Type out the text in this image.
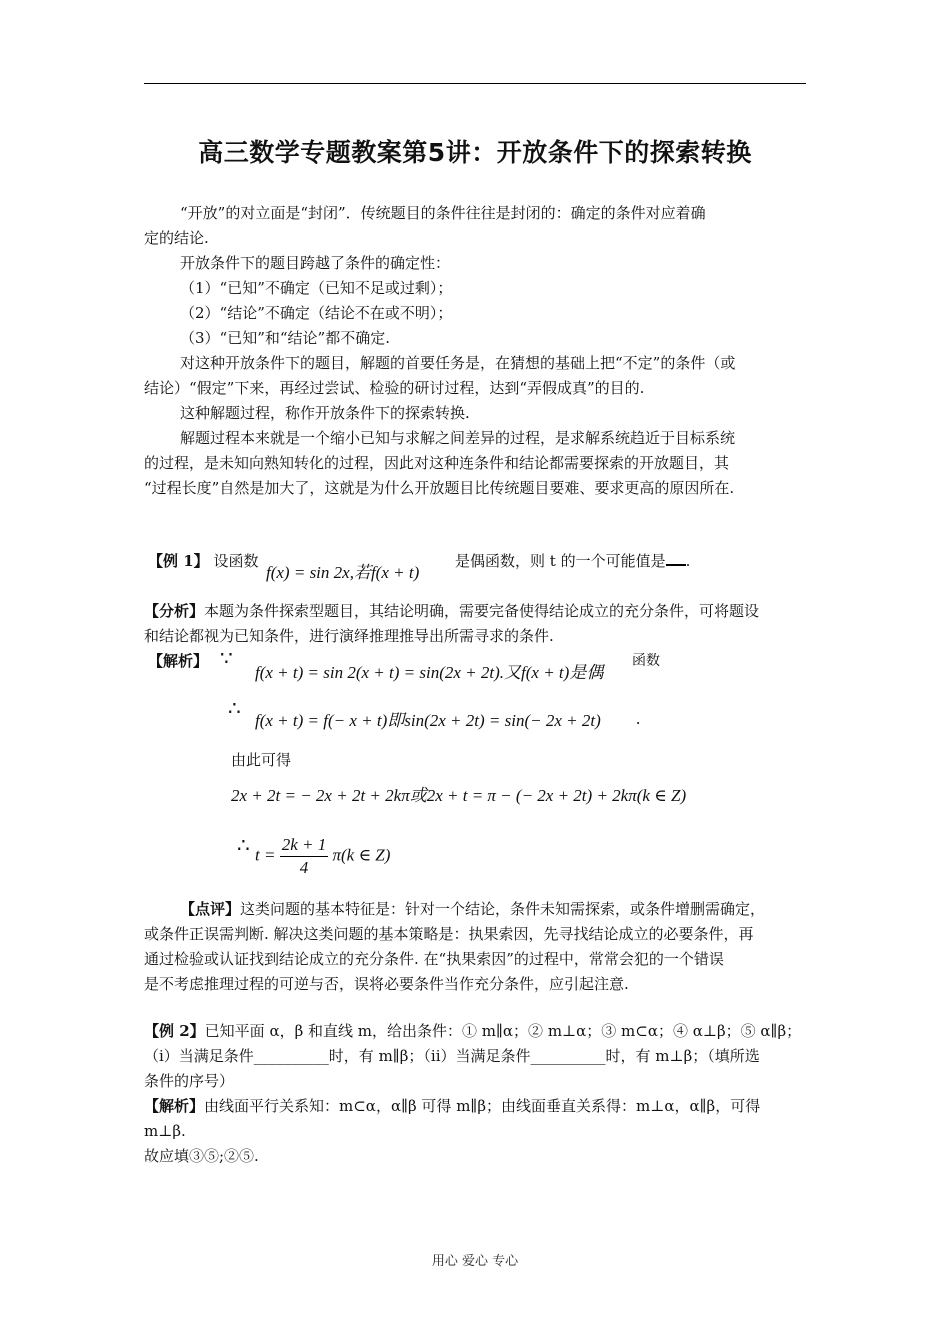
高三数学专题教案第5讲：开放条件下的探索转换
“开放”的对立面是“封闭”．传统题目的条件往往是封闭的：确定的条件对应着确
定的结论.
开放条件下的题目跨越了条件的确定性：
（1）“已知”不确定（已知不足或过剩）；
（2）“结论”不确定（结论不在或不明）；
（3）“已知”和“结论”都不确定.
对这种开放条件下的题目，解题的首要任务是，在猜想的基础上把“不定”的条件（或
结论）“假定”下来，再经过尝试、检验的研讨过程，达到“弄假成真”的目的.
这种解题过程，称作开放条件下的探索转换.
解题过程本来就是一个缩小已知与求解之间差异的过程，是求解系统趋近于目标系统
的过程，是未知向熟知转化的过程，因此对这种连条件和结论都需要探索的开放题目，其
“过程长度”自然是加大了，这就是为什么开放题目比传统题目要难、要求更高的原因所在.
【例 1】 设函数
f(x) = sin 2x,若f(x + t)
是偶函数，则 t 的一个可能值是 .
【分析】本题为条件探索型题目，其结论明确，需要完备使得结论成立的充分条件，可将题设
和结论都视为已知条件，进行演绎推理推导出所需寻求的条件.
【解析】 ∵
f(x + t) = sin 2(x + t) = sin(2x + 2t).又f(x + t)是偶
函数
∴
f(x + t) = f(− x + t)即sin(2x + 2t) = sin(− 2x + 2t) .
由此可得
2x + 2t = − 2x + 2t + 2kπ或2x + t = π − (− 2x + 2t) + 2kπ(k ∈ Z)
∴ $t = \frac{2k + 1}{4} \pi(k$ ∈ Z)
【点评】这类问题的基本特征是：针对一个结论，条件未知需探索，或条件增删需确定，
或条件正误需判断. 解决这类问题的基本策略是：执果索因，先寻找结论成立的必要条件，再
通过检验或认证找到结论成立的充分条件. 在“执果索因”的过程中，常常会犯的一个错误
是不考虑推理过程的可逆与否，误将必要条件当作充分条件，应引起注意.
【例 2】已知平面 α，β 和直线 m，给出条件：① m∥α；② m⊥α；③ m⊂α；④ α⊥β；⑤ α∥β；
（i）当满足条件__________时，有 m∥β；（ii）当满足条件__________时，有 m⊥β；（填所选
条件的序号）
【解析】由线面平行关系知：m⊂α，α∥β 可得 m∥β；由线面垂直关系得：m⊥α，α∥β，可得
m⊥β.
故应填③⑤;②⑤.
用心 爱心 专心
